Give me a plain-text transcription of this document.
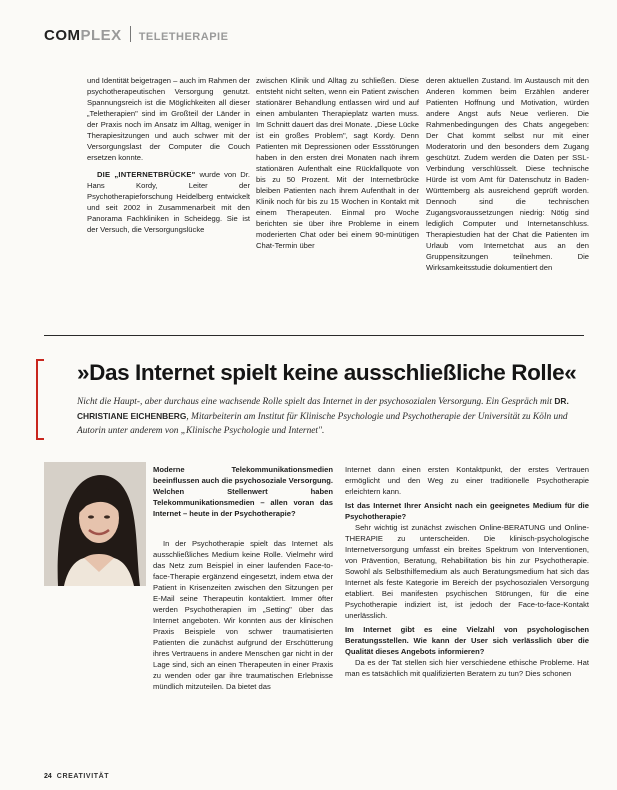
COMPLEX TELETHERAPIE

und Identität beigetragen – auch im Rahmen der psychotherapeutischen Versorgung genutzt. Spannungsreich ist die Möglichkeiten all dieser „Teletherapien" sind im Großteil der Länder in der Praxis noch im Ansatz im Alltag, weniger in Therapiesitzungen und auch schwer mit der Versorgungslast der Computer die Couch ersetzen konnte.

DIE „INTERNETBRÜCKE" wurde von Dr. Hans Kordy, Leiter der Psychotherapieforschung Heidelberg entwickelt und seit 2002 in Zusammenarbeit mit den Panorama Fachkliniken in Scheidegg. Sie ist der Versuch, die Versorgungslücke

zwischen Klinik und Alltag zu schließen. Diese entsteht nicht selten, wenn ein Patient zwischen stationärer Behandlung entlassen wird und auf einen ambulanten Therapieplatz warten muss. Im Schnitt dauert das drei Monate. „Diese Lücke ist ein großes Problem", sagt Kordy. Denn Patienten mit Depressionen oder Essstörungen haben in den ersten drei Monaten nach ihrem stationären Aufenthalt eine Rückfallquote von bis zu 50 Prozent. Mit der Internetbrücke bleiben Patienten nach ihrem Aufenthalt in der Klinik noch für bis zu 15 Wochen in Kontakt mit einem Therapeuten. Einmal pro Woche berichten sie über ihre Probleme in einem moderierten Chat oder bei einem 90-minütigen Chat-Termin über

deren aktuellen Zustand. Im Austausch mit den Anderen kommen beim Erzählen anderer Patienten Hoffnung und Motivation, würden andere Angst aufs Neue verlieren. Die Rahmenbedingungen des Chats angegeben: Der Chat kommt selbst nur mit einer Moderatorin und den besonders dem Zugang geschützt. Zudem werden die Daten per SSL-Verbindung verschlüsselt. Diese technische Hürde ist vom Amt für Datenschutz in Baden-Württemberg als ausreichend geprüft worden. Dennoch sind die technischen Zugangsvoraussetzungen niedrig: Nötig sind lediglich Computer und Internetanschluss. Therapiestudien hat der Chat die Patienten im Urlaub vom Internetchat aus an den Gruppensitzungen teilnehmen. Die Wirksamkeitsstudie dokumentiert den

»Das Internet spielt keine ausschließliche Rolle«
Nicht die Haupt-, aber durchaus eine wachsende Rolle spielt das Internet in der psychosozialen Versorgung. Ein Gespräch mit DR. CHRISTIANE EICHENBERG, Mitarbeiterin am Institut für Klinische Psychologie und Psychotherapie der Universität zu Köln und Autorin unter anderem von „Klinische Psychologie und Internet".

Moderne Telekommunikationsmedien beeinflussen auch die psychosoziale Versorgung. Welchen Stellenwert haben Telekommunikationsmedien – allen voran das Internet – heute in der Psychotherapie?

In der Psychotherapie spielt das Internet als ausschließliches Medium keine Rolle. Vielmehr wird das Netz zum Beispiel in einer laufenden Face-to-face-Therapie ergänzend eingesetzt, indem etwa der Patient in Krisenzeiten zwischen den Sitzungen per E-Mail seine Therapeutin kontaktiert. Immer öfter werden Psychotherapien im „Setting" über das Internet angeboten. Wir konnten aus der klinischen Praxis Beispiele von schwer traumatisierten Patienten die zunächst aufgrund der Erschütterung ihres Vertrauens in andere Menschen gar nicht in der Lage sind, sich an einen Therapeuten in einer Praxis zu wenden oder gar ihre traumatischen Erlebnisse mündlich mitzuteilen. Da bietet das

Internet dann einen ersten Kontaktpunkt, der erstes Vertrauen ermöglicht und den Weg zu einer traditionelle Psychotherapie erleichtern kann.

Ist das Internet Ihrer Ansicht nach ein geeignetes Medium für die Psychotherapie?

Sehr wichtig ist zunächst zwischen Online-BERATUNG und Online-THERAPIE zu unterscheiden. Die klinisch-psychologische Internetversorgung umfasst ein breites Spektrum von Interventionen, von Prävention, Beratung, Rehabilitation bis hin zur Psychotherapie. Sowohl als Selbsthilfemedium als auch Beratungsmedium hat sich das Internet als feste Kategorie im Bereich der psychosozialen Versorgung etabliert. Bei manifesten psychischen Störungen, für die eine Psychotherapie indiziert ist, ist jedoch der Face-to-face-Kontakt unerlässlich.

Im Internet gibt es eine Vielzahl von psychologischen Beratungsstellen. Wie kann der User sich verlässlich über die Qualität dieses Angebots informieren?

Da es der Tat stellen sich hier verschiedene ethische Probleme. Hat man es tatsächlich mit qualifizierten Beratern zu tun? Dies schonen

24 CREATIVITÄT
